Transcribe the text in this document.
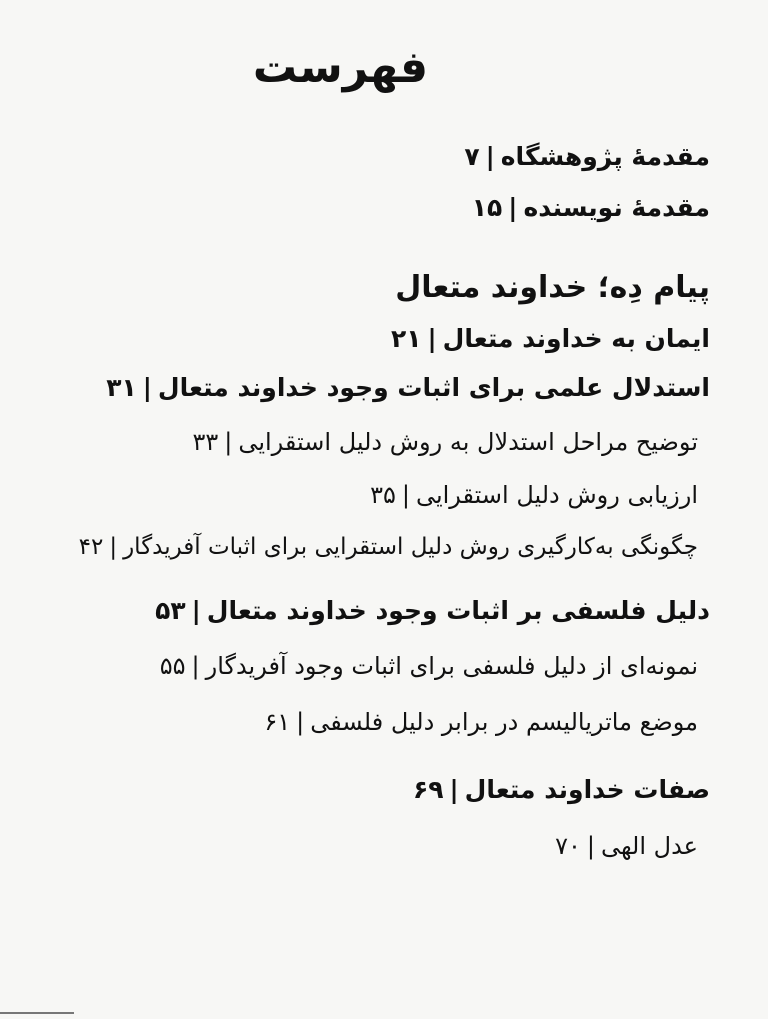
فهرست

مقدمۀ پژوهشگاه|۷

مقدمۀ نویسنده|۱۵

پیام دِه؛ خداوند متعال

ایمان به خداوند متعال|۲۱

استدلال علمی برای اثبات وجود خداوند متعال|۳۱

توضیح مراحل استدلال به روش دلیل استقرایی|۳۳

ارزیابی روش دلیل استقرایی|۳۵

چگونگی به‌کارگیری روش دلیل استقرایی برای اثبات آفریدگار|۴۲

دلیل فلسفی بر اثبات وجود خداوند متعال|۵۳

نمونه‌ای از دلیل فلسفی برای اثبات وجود آفریدگار|۵۵

موضع ماتریالیسم در برابر دلیل فلسفی|۶۱

صفات خداوند متعال|۶۹

عدل الهی|۷۰
